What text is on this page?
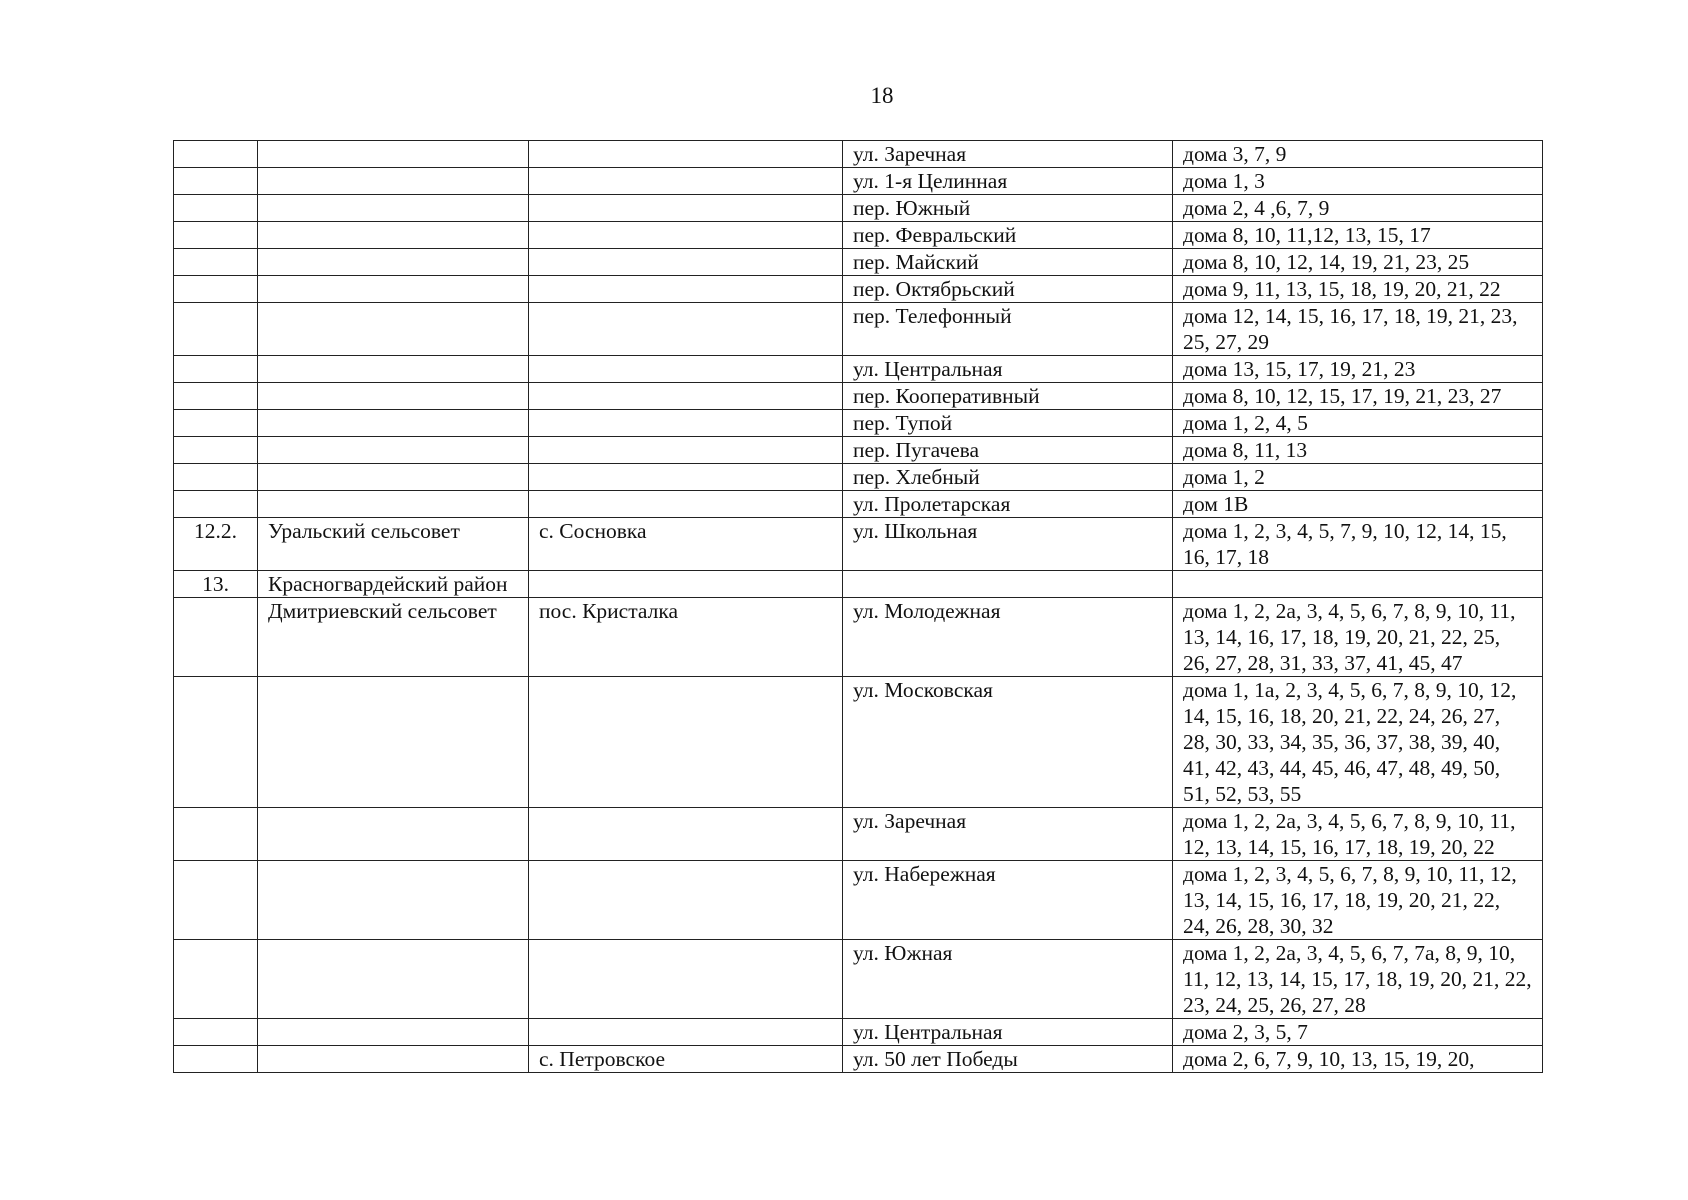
18
			ул. Заречная	дома 3, 7, 9
			ул. 1-я Целинная	дома 1, 3
			пер. Южный	дома 2, 4 ,6, 7, 9
			пер. Февральский	дома 8, 10, 11,12, 13, 15, 17
			пер. Майский	дома 8, 10, 12, 14, 19, 21, 23, 25
			пер. Октябрьский	дома 9, 11, 13, 15, 18, 19, 20, 21, 22
			пер. Телефонный	дома 12, 14, 15, 16, 17, 18, 19, 21, 23, 25, 27, 29
			ул. Центральная	дома 13, 15, 17, 19, 21, 23
			пер. Кооперативный	дома 8, 10, 12, 15, 17, 19, 21, 23, 27
			пер. Тупой	дома 1, 2, 4, 5
			пер. Пугачева	дома 8, 11, 13
			пер. Хлебный	дома 1, 2
			ул. Пролетарская	дом 1В
12.2.	Уральский сельсовет	с. Сосновка	ул. Школьная	дома 1, 2, 3, 4, 5, 7, 9, 10, 12, 14, 15, 16, 17, 18
13.	Красногвардейский район			
	Дмитриевский сельсовет	пос. Кристалка	ул. Молодежная	дома 1, 2, 2а, 3, 4, 5, 6, 7, 8, 9, 10, 11, 13, 14, 16, 17, 18, 19, 20, 21, 22, 25, 26, 27, 28, 31, 33, 37, 41, 45, 47
			ул. Московская	дома 1, 1а, 2, 3, 4, 5, 6, 7, 8, 9, 10, 12, 14, 15, 16, 18, 20, 21, 22, 24, 26, 27, 28, 30, 33, 34, 35, 36, 37, 38, 39, 40, 41, 42, 43, 44, 45, 46, 47, 48, 49, 50, 51, 52, 53, 55
			ул. Заречная	дома 1, 2, 2а, 3, 4, 5, 6, 7, 8, 9, 10, 11, 12, 13, 14, 15, 16, 17, 18, 19, 20, 22
			ул. Набережная	дома 1, 2, 3, 4, 5, 6, 7, 8, 9, 10, 11, 12, 13, 14, 15, 16, 17, 18, 19, 20, 21, 22, 24, 26, 28, 30, 32
			ул. Южная	дома 1, 2, 2а, 3, 4, 5, 6, 7, 7а, 8, 9, 10, 11, 12, 13, 14, 15, 17, 18, 19, 20, 21, 22, 23, 24, 25, 26, 27, 28
			ул. Центральная	дома 2, 3, 5, 7
		с. Петровское	ул. 50 лет Победы	дома 2, 6, 7, 9, 10, 13, 15, 19, 20,
